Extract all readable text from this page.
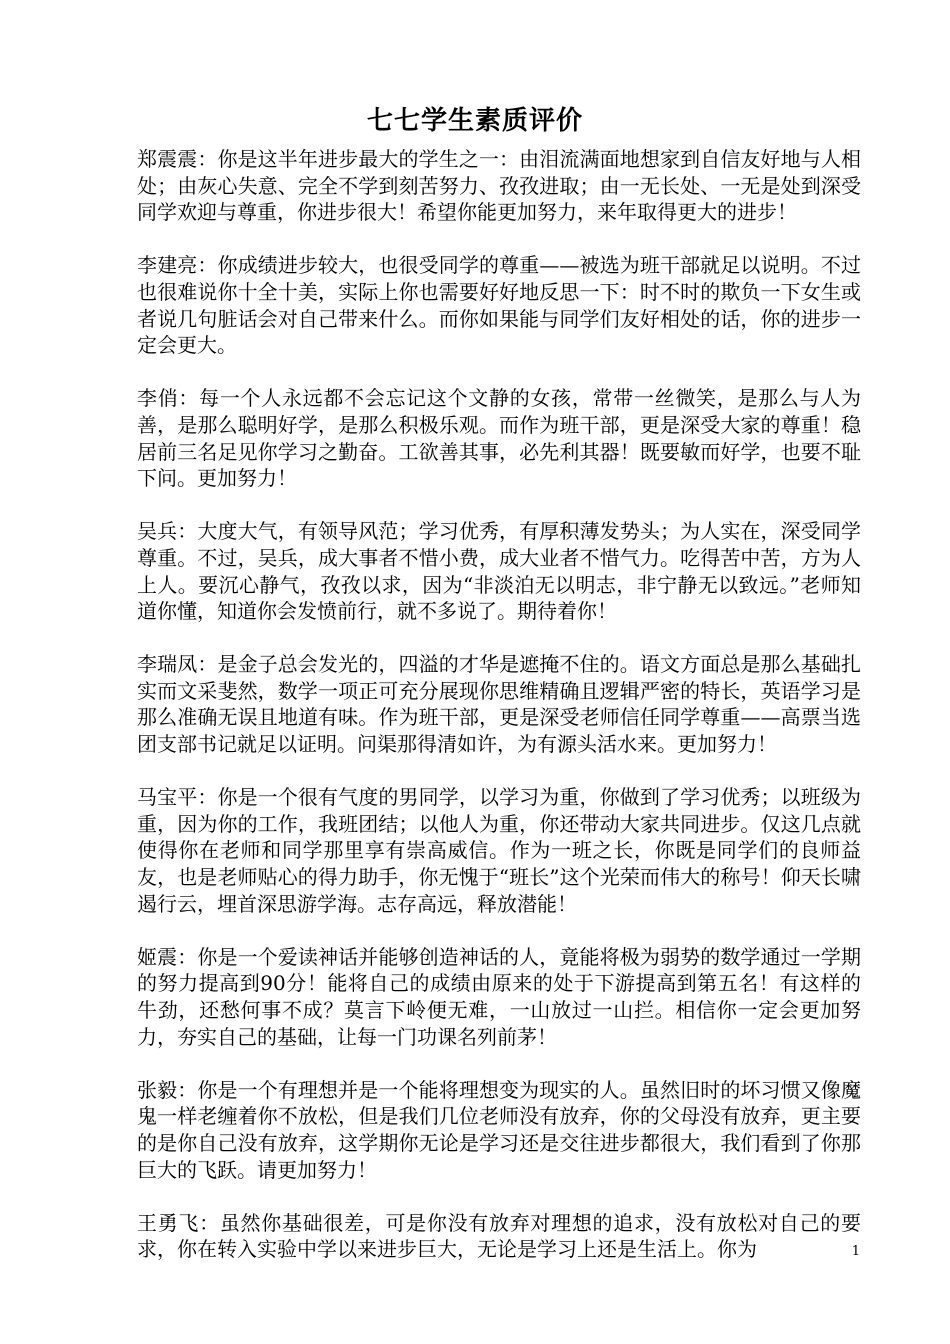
七七学生素质评价

郑震震：你是这半年进步最大的学生之一：由泪流满面地想家到自信友好地与人相处；由灰心失意、完全不学到刻苦努力、孜孜进取；由一无长处、一无是处到深受同学欢迎与尊重，你进步很大！希望你能更加努力，来年取得更大的进步！

李建亮：你成绩进步较大，也很受同学的尊重——被选为班干部就足以说明。不过也很难说你十全十美，实际上你也需要好好地反思一下：时不时的欺负一下女生或者说几句脏话会对自己带来什么。而你如果能与同学们友好相处的话，你的进步一定会更大。

李俏：每一个人永远都不会忘记这个文静的女孩，常带一丝微笑，是那么与人为善，是那么聪明好学，是那么积极乐观。而作为班干部，更是深受大家的尊重！稳居前三名足见你学习之勤奋。工欲善其事，必先利其器！既要敏而好学，也要不耻下问。更加努力！

吴兵：大度大气，有领导风范；学习优秀，有厚积薄发势头；为人实在，深受同学尊重。不过，吴兵，成大事者不惜小费，成大业者不惜气力。吃得苦中苦，方为人上人。要沉心静气，孜孜以求，因为“非淡泊无以明志，非宁静无以致远。”老师知道你懂，知道你会发愤前行，就不多说了。期待着你！

李瑞凤：是金子总会发光的，四溢的才华是遮掩不住的。语文方面总是那么基础扎实而文采斐然，数学一项正可充分展现你思维精确且逻辑严密的特长，英语学习是那么准确无误且地道有味。作为班干部，更是深受老师信任同学尊重——高票当选团支部书记就足以证明。问渠那得清如许，为有源头活水来。更加努力！

马宝平：你是一个很有气度的男同学，以学习为重，你做到了学习优秀；以班级为重，因为你的工作，我班团结；以他人为重，你还带动大家共同进步。仅这几点就使得你在老师和同学那里享有崇高威信。作为一班之长，你既是同学们的良师益友，也是老师贴心的得力助手，你无愧于“班长”这个光荣而伟大的称号！仰天长啸遏行云，埋首深思游学海。志存高远，释放潜能！

姬震：你是一个爱读神话并能够创造神话的人，竟能将极为弱势的数学通过一学期的努力提高到90分！能将自己的成绩由原来的处于下游提高到第五名！有这样的牛劲，还愁何事不成？莫言下岭便无难，一山放过一山拦。相信你一定会更加努力，夯实自己的基础，让每一门功课名列前茅！

张毅：你是一个有理想并是一个能将理想变为现实的人。虽然旧时的坏习惯又像魔鬼一样老缠着你不放松，但是我们几位老师没有放弃，你的父母没有放弃，更主要的是你自己没有放弃，这学期你无论是学习还是交往进步都很大，我们看到了你那巨大的飞跃。请更加努力！

王勇飞：虽然你基础很差，可是你没有放弃对理想的追求，没有放松对自己的要求，你在转入实验中学以来进步巨大，无论是学习上还是生活上。你为	1
